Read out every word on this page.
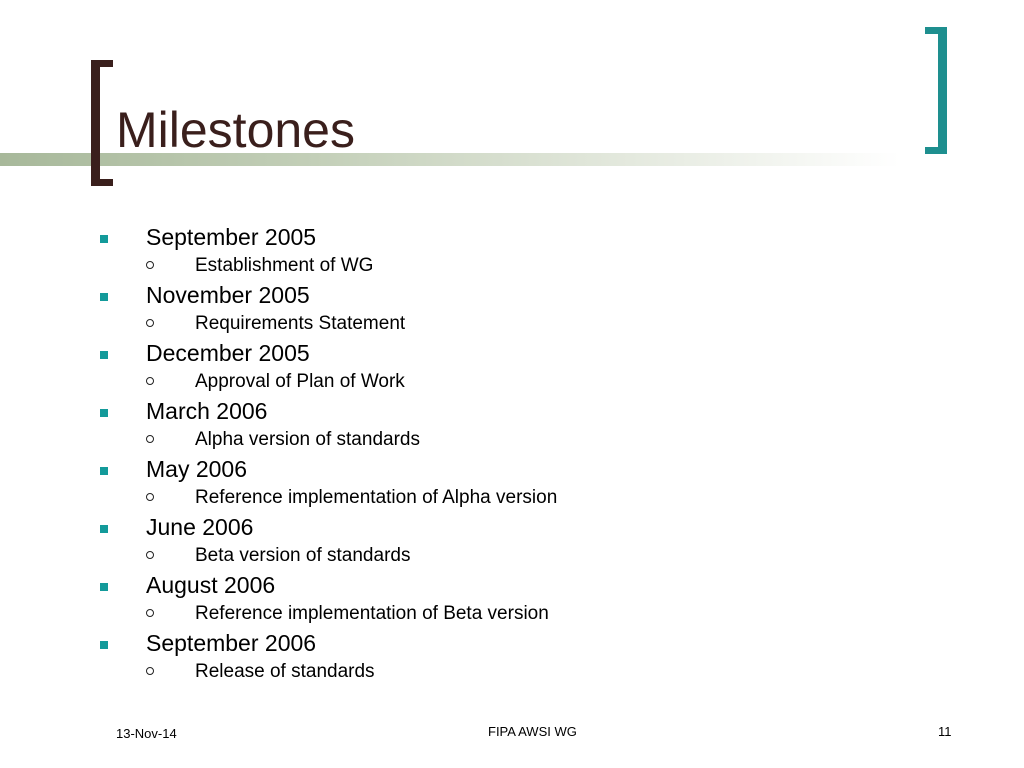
Milestones
September 2005
Establishment of WG
November 2005
Requirements Statement
December 2005
Approval of Plan of Work
March 2006
Alpha version of standards
May 2006
Reference implementation of Alpha version
June 2006
Beta version of standards
August 2006
Reference implementation of Beta version
September 2006
Release of standards
13-Nov-14	FIPA AWSI WG	11
